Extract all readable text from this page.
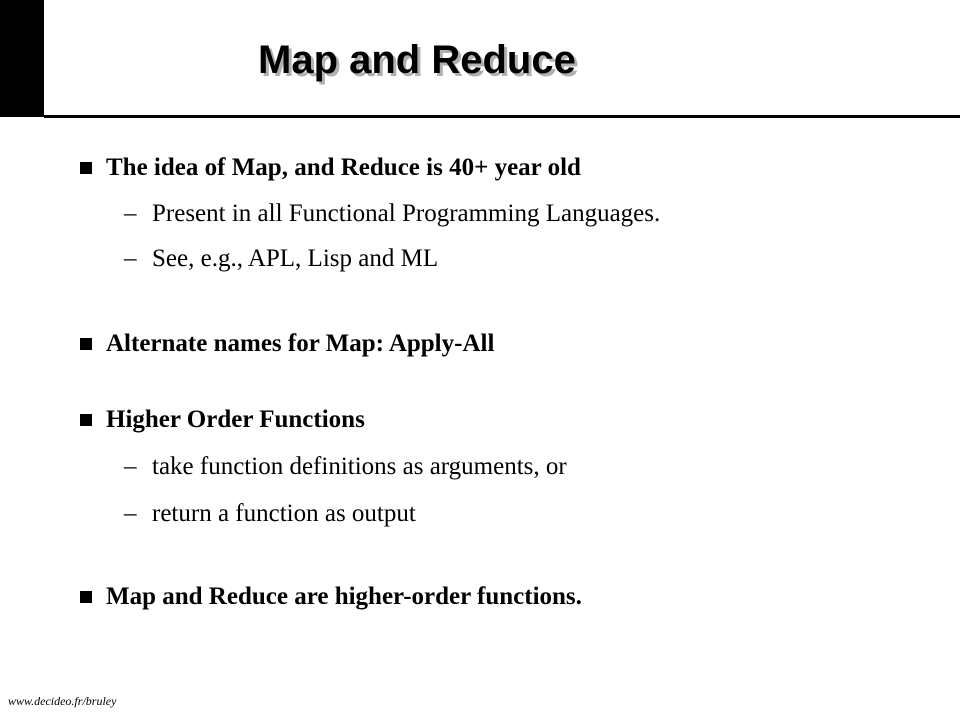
Map and Reduce
The idea of Map, and Reduce is 40+ year old
– Present in all Functional Programming Languages.
– See, e.g., APL, Lisp and ML
Alternate names for Map: Apply-All
Higher Order Functions
– take function definitions as arguments, or
– return a function as output
Map and Reduce are higher-order functions.
www.decideo.fr/bruley
